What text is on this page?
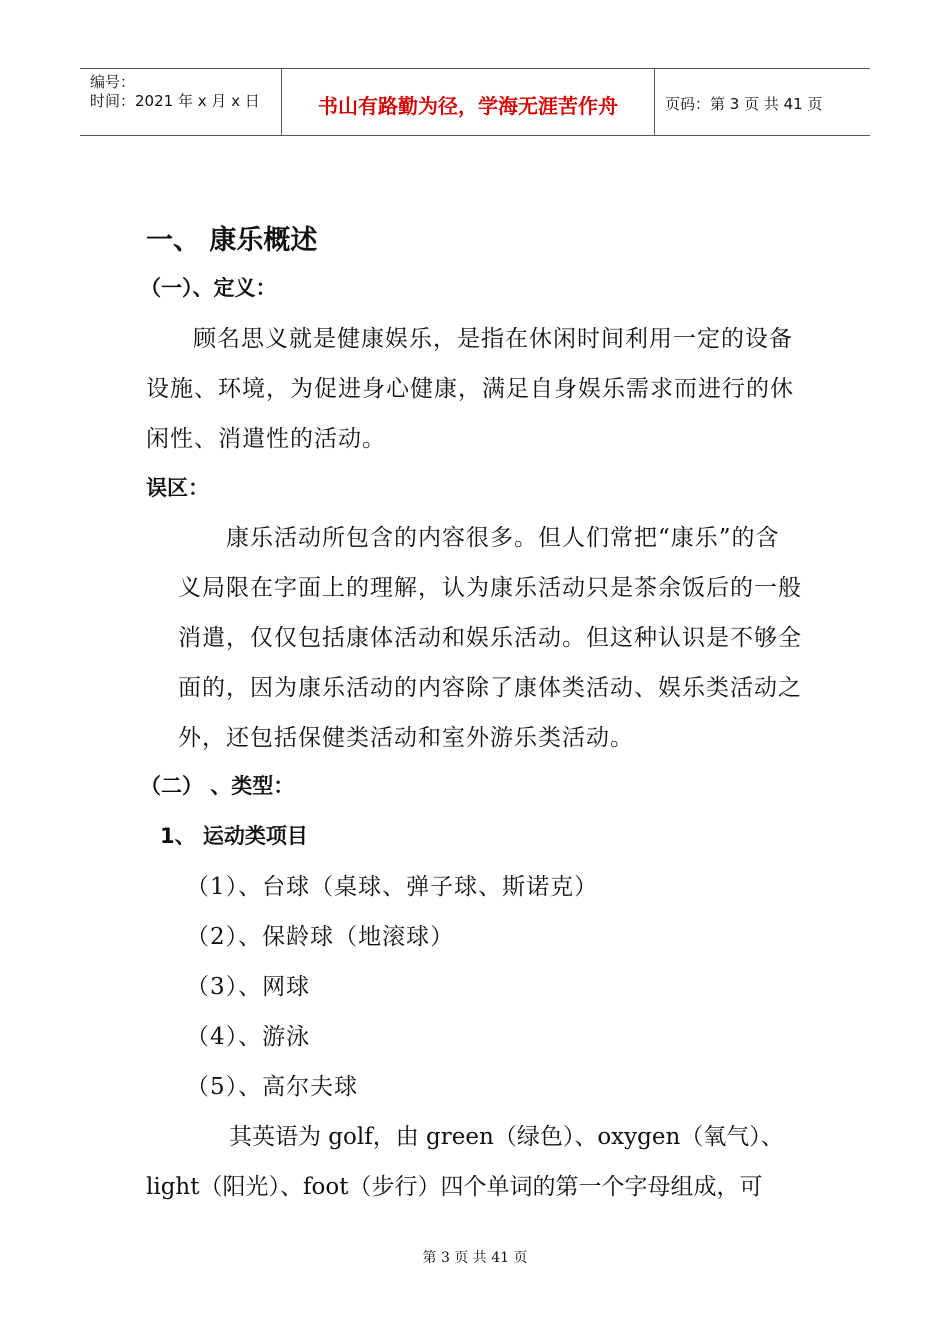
编号：
时间：2021 年 x 月 x 日	书山有路勤为径，学海无涯苦作舟	页码：第 3 页 共 41 页
一、 康乐概述
（一）、定义：
顾名思义就是健康娱乐，是指在休闲时间利用一定的设备
设施、环境，为促进身心健康，满足自身娱乐需求而进行的休
闲性、消遣性的活动。
误区：
康乐活动所包含的内容很多。但人们常把“康乐”的含
义局限在字面上的理解，认为康乐活动只是茶余饭后的一般
消遣，仅仅包括康体活动和娱乐活动。但这种认识是不够全
面的，因为康乐活动的内容除了康体类活动、娱乐类活动之
外，还包括保健类活动和室外游乐类活动。
（二） 、类型：
1、 运动类项目
（1）、台球（桌球、弹子球、斯诺克）
（2）、保龄球（地滚球）
（3）、网球
（4）、游泳
（5）、高尔夫球
其英语为 golf，由 green（绿色）、oxygen（氧气）、
light（阳光）、foot（步行）四个单词的第一个字母组成，可
第 3 页 共 41 页
